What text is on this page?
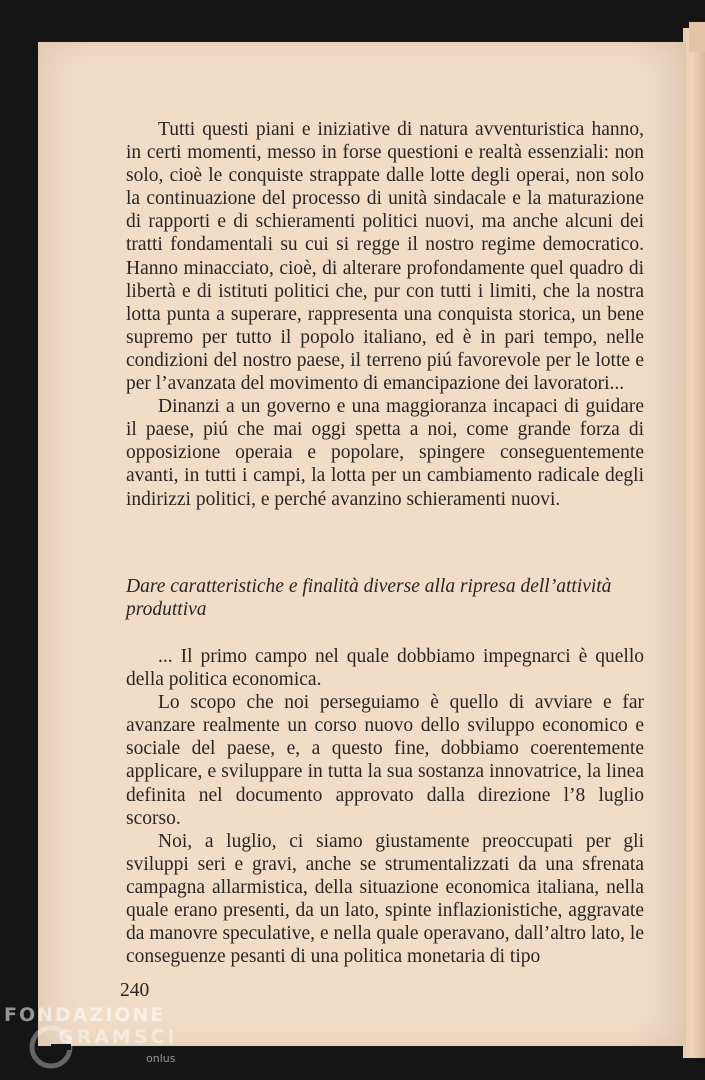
Tutti questi piani e iniziative di natura avventuristica hanno, in certi momenti, messo in forse questioni e realtà essenziali: non solo, cioè le conquiste strappate dalle lotte degli operai, non solo la continuazione del processo di unità sindacale e la maturazione di rapporti e di schieramenti politici nuovi, ma anche alcuni dei tratti fondamentali su cui si regge il nostro regime democratico. Hanno minacciato, cioè, di alterare profondamente quel quadro di libertà e di istituti politici che, pur con tutti i limiti, che la nostra lotta punta a superare, rappresenta una conquista storica, un bene supremo per tutto il popolo italiano, ed è in pari tempo, nelle condizioni del nostro paese, il terreno piú favorevole per le lotte e per l’avanzata del movimento di emancipazione dei lavoratori...

Dinanzi a un governo e una maggioranza incapaci di guidare il paese, piú che mai oggi spetta a noi, come grande forza di opposizione operaia e popolare, spingere conseguentemente avanti, in tutti i campi, la lotta per un cambiamento radicale degli indirizzi politici, e perché avanzino schieramenti nuovi.

Dare caratteristiche e finalità diverse alla ripresa dell’attività produttiva

... Il primo campo nel quale dobbiamo impegnarci è quello della politica economica.

Lo scopo che noi perseguiamo è quello di avviare e far avanzare realmente un corso nuovo dello sviluppo economico e sociale del paese, e, a questo fine, dobbiamo coerentemente applicare, e sviluppare in tutta la sua sostanza innovatrice, la linea definita nel documento approvato dalla direzione l’8 luglio scorso.

Noi, a luglio, ci siamo giustamente preoccupati per gli sviluppi seri e gravi, anche se strumentalizzati da una sfrenata campagna allarmistica, della situazione economica italiana, nella quale erano presenti, da un lato, spinte inflazionistiche, aggravate da manovre speculative, e nella quale operavano, dall’altro lato, le conseguenze pesanti di una politica monetaria di tipo

240
FONDAZIONE
GRAMSCI
onlus
